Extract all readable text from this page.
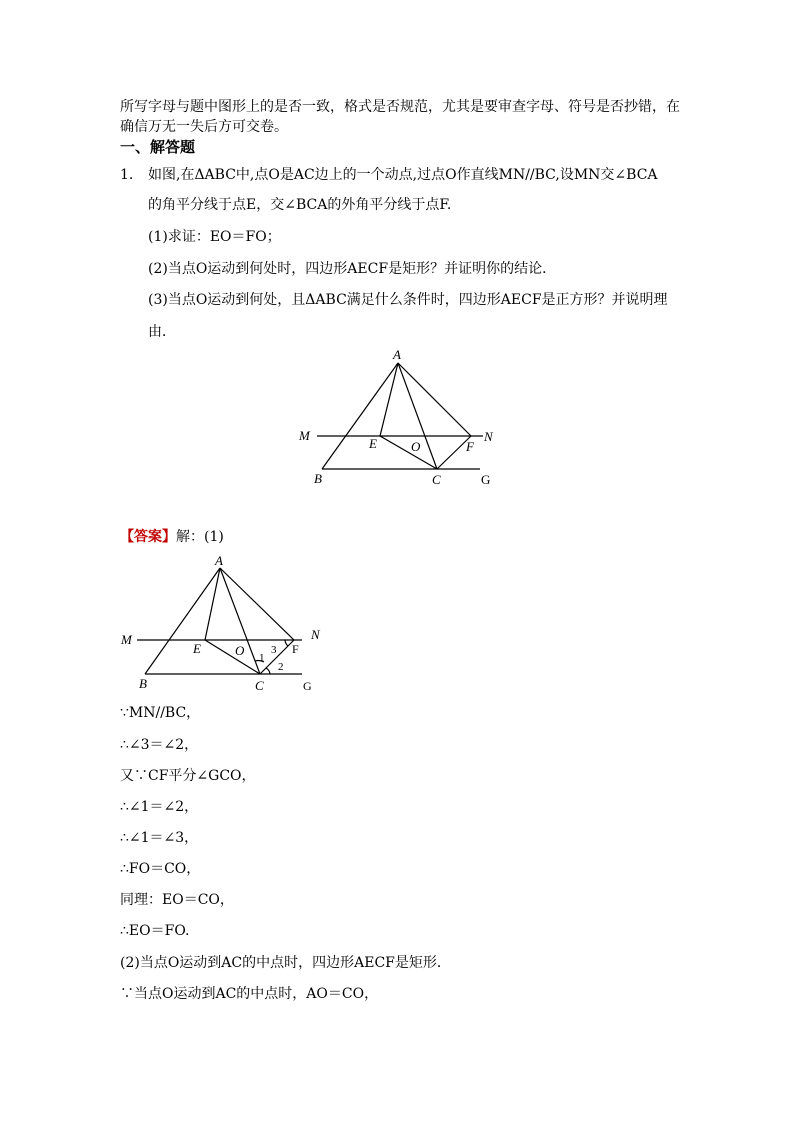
所写字母与题中图形上的是否一致，格式是否规范，尤其是要审查字母、符号是否抄错，在
确信万无一失后方可交卷。
一、解答题
1. 如图,在ΔABC中,点O是AC边上的一个动点,过点O作直线MN//BC,设MN交∠BCA
的角平分线于点E，交∠BCA的外角平分线于点F.
(1)求证：EO＝FO；
(2)当点O运动到何处时，四边形AECF是矩形？并证明你的结论．
(3)当点O运动到何处，且ΔABC满足什么条件时，四边形AECF是正方形？并说明理
由．
A
M	N
E	O	F
B	C	G
【答案】解：(1)
A
M	N
E	O
B	C
F
G
1
2
3
∵MN//BC，
∴∠3＝∠2，
又∵CF平分∠GCO，
∴∠1＝∠2，
∴∠1＝∠3，
∴FO＝CO，
同理：EO＝CO，
∴EO＝FO.
(2)当点O运动到AC的中点时，四边形AECF是矩形．
∵当点O运动到AC的中点时，AO＝CO，
